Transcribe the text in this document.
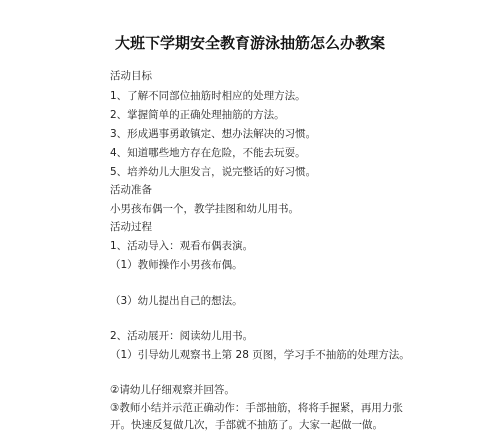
大班下学期安全教育游泳抽筋怎么办教案
活动目标
1、了解不同部位抽筋时相应的处理方法。
2、掌握简单的正确处理抽筋的方法。
3、形成遇事勇敢镇定、想办法解决的习惯。
4、知道哪些地方存在危险，不能去玩耍。
5、培养幼儿大胆发言，说完整话的好习惯。
活动准备
小男孩布偶一个，教学挂图和幼儿用书。
活动过程
1、活动导入：观看布偶表演。
（1）教师操作小男孩布偶。
（3）幼儿提出自己的想法。
2、活动展开：阅读幼儿用书。
（1）引导幼儿观察书上第 28 页图，学习手不抽筋的处理方法。
②请幼儿仔细观察并回答。
③教师小结并示范正确动作：手部抽筋，将将手握紧，再用力张开。快速反复做几次，手部就不抽筋了。大家一起做一做。
